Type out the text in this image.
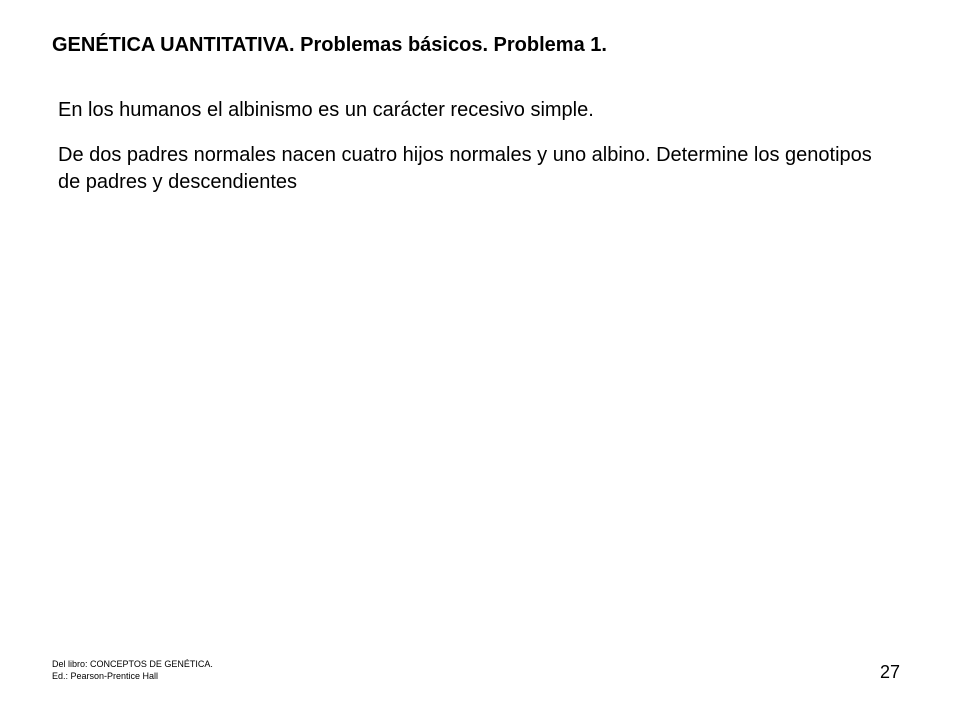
GENÉTICA UANTITATIVA. Problemas básicos. Problema 1.

En los humanos el albinismo es un carácter recesivo simple.

De dos padres normales nacen cuatro hijos normales y uno albino. Determine los genotipos de padres y descendientes

Del libro: CONCEPTOS DE GENÉTICA.
Ed.: Pearson-Prentice Hall	27
